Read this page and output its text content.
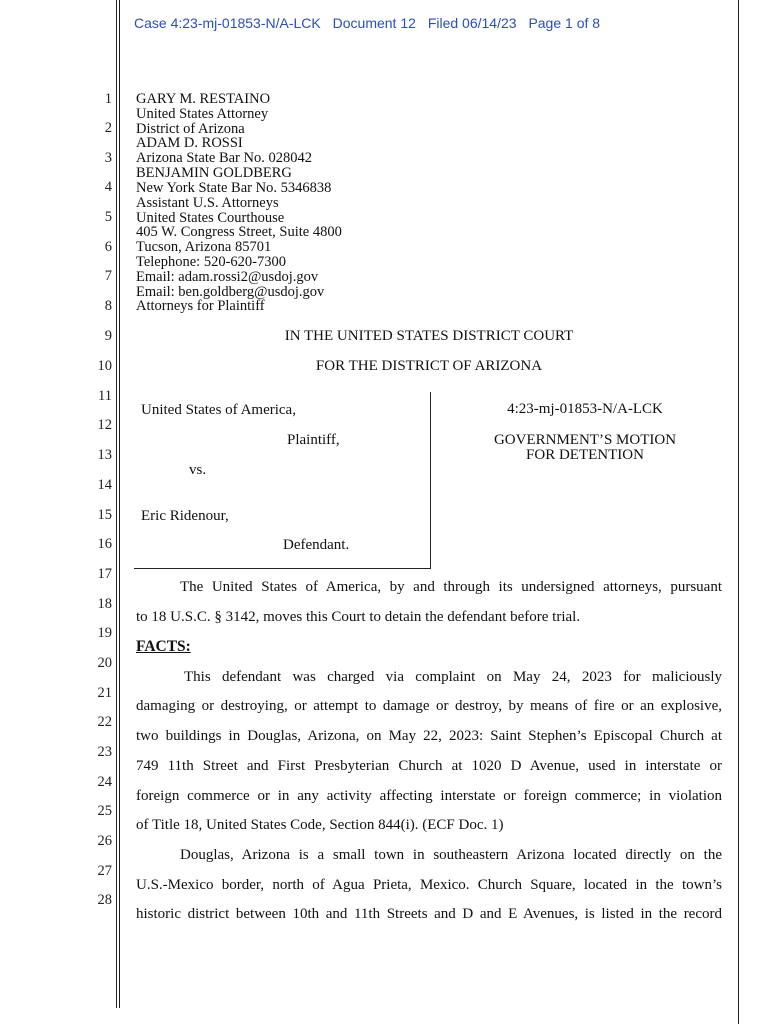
Case 4:23-mj-01853-N/A-LCK Document 12 Filed 06/14/23 Page 1 of 8
1
2
3
4
5
6
7
8
9
10
11
12
13
14
15
16
17
18
19
20
21
22
23
24
25
26
27
28
GARY M. RESTAINO
United States Attorney
District of Arizona
ADAM D. ROSSI
Arizona State Bar No. 028042
BENJAMIN GOLDBERG
New York State Bar No. 5346838
Assistant U.S. Attorneys
United States Courthouse
405 W. Congress Street, Suite 4800
Tucson, Arizona 85701
Telephone: 520-620-7300
Email: adam.rossi2@usdoj.gov
Email: ben.goldberg@usdoj.gov
Attorneys for Plaintiff
IN THE UNITED STATES DISTRICT COURT
FOR THE DISTRICT OF ARIZONA
United States of America,
Plaintiff,
vs.
Eric Ridenour,
Defendant.
4:23-mj-01853-N/A-LCK
GOVERNMENT’S MOTION
FOR DETENTION
The United States of America, by and through its undersigned attorneys, pursuant
to 18 U.S.C. § 3142, moves this Court to detain the defendant before trial.
FACTS:
This defendant was charged via complaint on May 24, 2023 for maliciously
damaging or destroying, or attempt to damage or destroy, by means of fire or an explosive,
two buildings in Douglas, Arizona, on May 22, 2023: Saint Stephen’s Episcopal Church at
749 11th Street and First Presbyterian Church at 1020 D Avenue, used in interstate or
foreign commerce or in any activity affecting interstate or foreign commerce; in violation
of Title 18, United States Code, Section 844(i). (ECF Doc. 1)
Douglas, Arizona is a small town in southeastern Arizona located directly on the
U.S.-Mexico border, north of Agua Prieta, Mexico. Church Square, located in the town’s
historic district between 10th and 11th Streets and D and E Avenues, is listed in the record
